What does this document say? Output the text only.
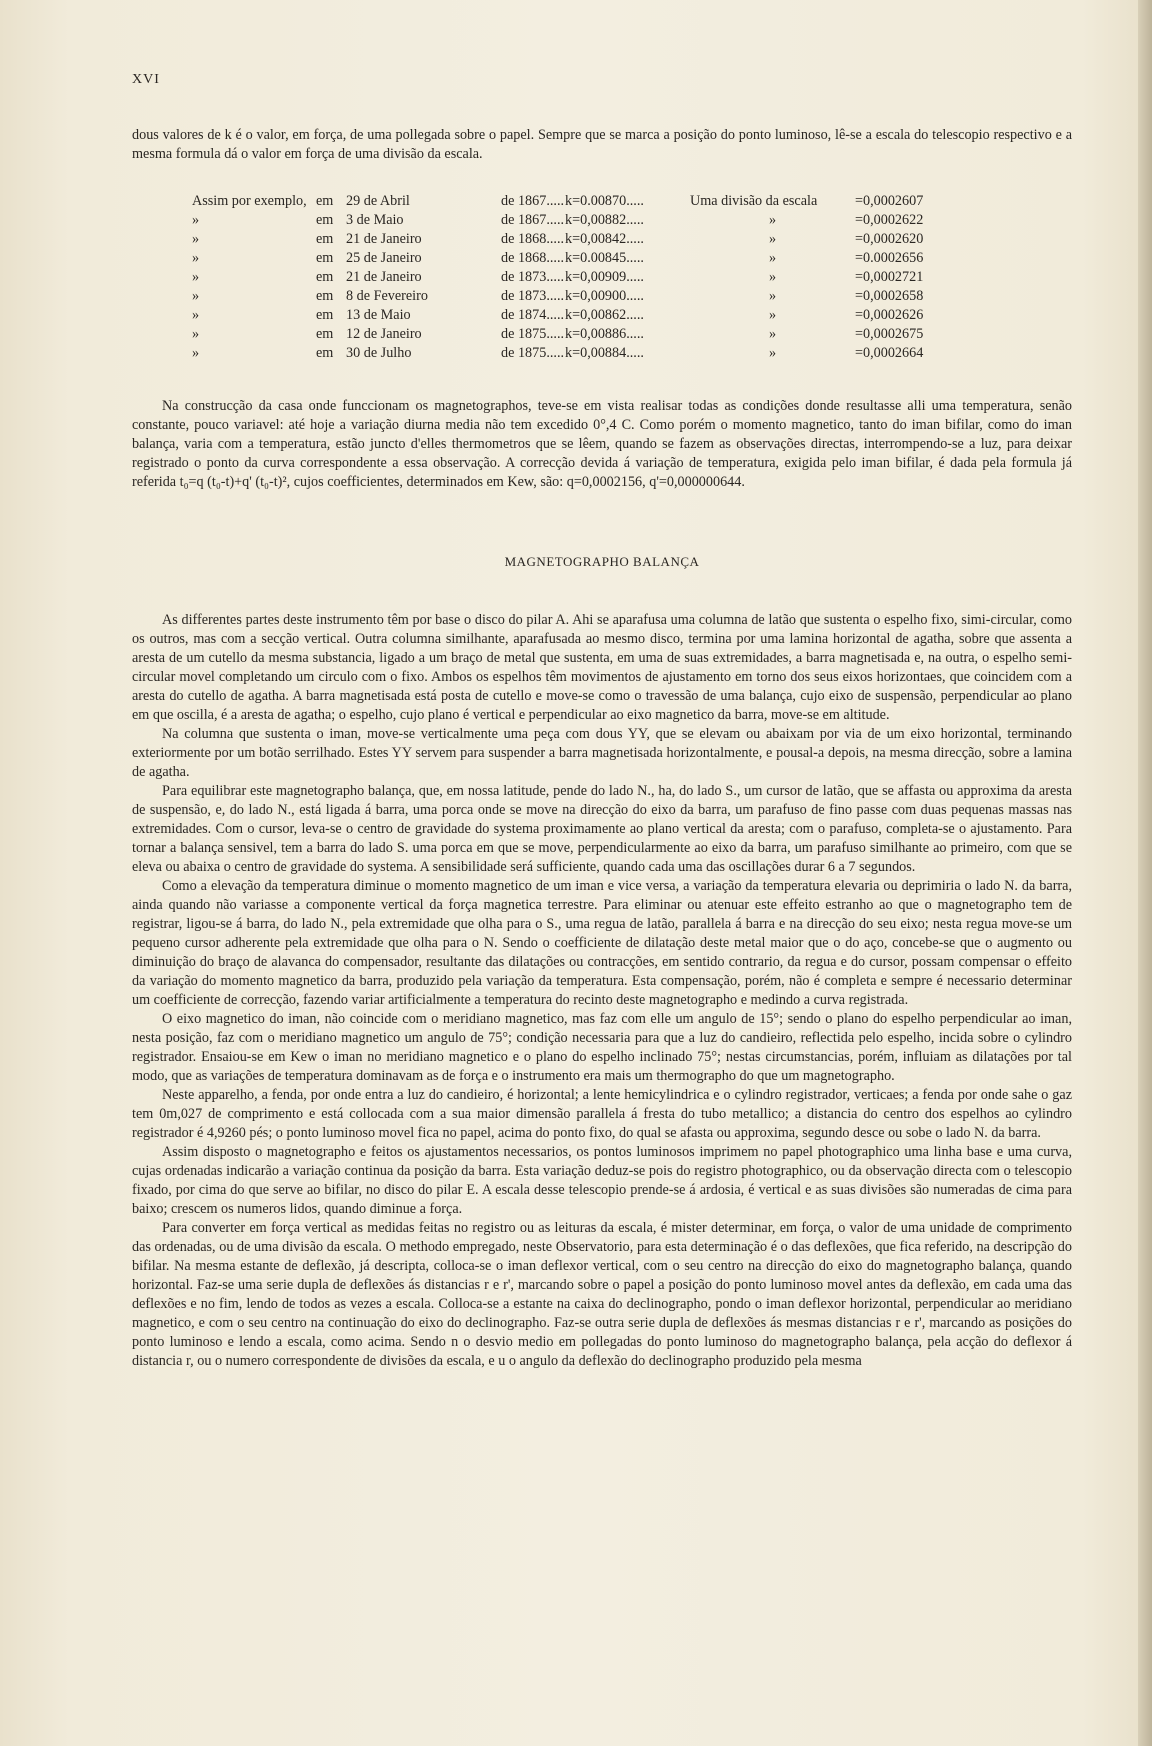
XVI

dous valores de k é o valor, em força, de uma pollegada sobre o papel. Sempre que se marca a posição do ponto luminoso, lê-se a escala do telescopio respectivo e a mesma formula dá o valor em força de uma divisão da escala.

Assim por exemplo, em 29 de Abril	de 1867..... k=0.00870.....	Uma divisão da escala	=0,0002607
»	em 3 de Maio	de 1867..... k=0,00882.....	»	=0,0002622
»	em 21 de Janeiro	de 1868..... k=0,00842.....	»	=0,0002620
»	em 25 de Janeiro	de 1868..... k=0.00845.....	»	=0.0002656
»	em 21 de Janeiro	de 1873..... k=0,00909.....	»	=0,0002721
»	em 8 de Fevereiro	de 1873..... k=0,00900.....	»	=0,0002658
»	em 13 de Maio	de 1874..... k=0,00862.....	»	=0,0002626
»	em 12 de Janeiro	de 1875..... k=0,00886.....	»	=0,0002675
»	em 30 de Julho	de 1875..... k=0,00884.....	»	=0,0002664

Na construcção da casa onde funccionam os magnetographos, teve-se em vista realisar todas as condições donde resultasse alli uma temperatura, senão constante, pouco variavel: até hoje a variação diurna media não tem excedido 0°,4 C. Como porém o momento magnetico, tanto do iman bifilar, como do iman balança, varia com a temperatura, estão juncto d'elles thermometros que se lêem, quando se fazem as observações directas, interrompendo-se a luz, para deixar registrado o ponto da curva correspondente a essa observação. A correcção devida á variação de temperatura, exigida pelo iman bifilar, é dada pela formula já referida t₀=q (t₀-t)+q' (t₀-t)², cujos coefficientes, determinados em Kew, são: q=0,0002156, q'=0,000000644.

MAGNETOGRAPHO BALANÇA

As differentes partes deste instrumento têm por base o disco do pilar A. Ahi se aparafusa uma columna de latão que sustenta o espelho fixo, simi-circular, como os outros, mas com a secção vertical. Outra columna similhante, aparafusada ao mesmo disco, termina por uma lamina horizontal de agatha, sobre que assenta a aresta de um cutello da mesma substancia, ligado a um braço de metal que sustenta, em uma de suas extremidades, a barra magnetisada e, na outra, o espelho semi-circular movel completando um circulo com o fixo. Ambos os espelhos têm movimentos de ajustamento em torno dos seus eixos horizontaes, que coincidem com a aresta do cutello de agatha. A barra magnetisada está posta de cutello e move-se como o travessão de uma balança, cujo eixo de suspensão, perpendicular ao plano em que oscilla, é a aresta de agatha; o espelho, cujo plano é vertical e perpendicular ao eixo magnetico da barra, move-se em altitude.

Na columna que sustenta o iman, move-se verticalmente uma peça com dous YY, que se elevam ou abaixam por via de um eixo horizontal, terminando exteriormente por um botão serrilhado. Estes YY servem para suspender a barra magnetisada horizontalmente, e pousal-a depois, na mesma direcção, sobre a lamina de agatha.

Para equilibrar este magnetographo balança, que, em nossa latitude, pende do lado N., ha, do lado S., um cursor de latão, que se affasta ou approxima da aresta de suspensão, e, do lado N., está ligada á barra, uma porca onde se move na direcção do eixo da barra, um parafuso de fino passe com duas pequenas massas nas extremidades. Com o cursor, leva-se o centro de gravidade do systema proximamente ao plano vertical da aresta; com o parafuso, completa-se o ajustamento. Para tornar a balança sensivel, tem a barra do lado S. uma porca em que se move, perpendicularmente ao eixo da barra, um parafuso similhante ao primeiro, com que se eleva ou abaixa o centro de gravidade do systema. A sensibilidade será sufficiente, quando cada uma das oscillações durar 6 a 7 segundos.

Como a elevação da temperatura diminue o momento magnetico de um iman e vice versa, a variação da temperatura elevaria ou deprimiria o lado N. da barra, ainda quando não variasse a componente vertical da força magnetica terrestre. Para eliminar ou atenuar este effeito estranho ao que o magnetographo tem de registrar, ligou-se á barra, do lado N., pela extremidade que olha para o S., uma regua de latão, parallela á barra e na direcção do seu eixo; nesta regua move-se um pequeno cursor adherente pela extremidade que olha para o N. Sendo o coefficiente de dilatação deste metal maior que o do aço, concebe-se que o augmento ou diminuição do braço de alavanca do compensador, resultante das dilatações ou contracções, em sentido contrario, da regua e do cursor, possam compensar o effeito da variação do momento magnetico da barra, produzido pela variação da temperatura. Esta compensação, porém, não é completa e sempre é necessario determinar um coefficiente de correcção, fazendo variar artificialmente a temperatura do recinto deste magnetographo e medindo a curva registrada.

O eixo magnetico do iman, não coincide com o meridiano magnetico, mas faz com elle um angulo de 15°; sendo o plano do espelho perpendicular ao iman, nesta posição, faz com o meridiano magnetico um angulo de 75°; condição necessaria para que a luz do candieiro, reflectida pelo espelho, incida sobre o cylindro registrador. Ensaiou-se em Kew o iman no meridiano magnetico e o plano do espelho inclinado 75°; nestas circumstancias, porém, influiam as dilatações por tal modo, que as variações de temperatura dominavam as de força e o instrumento era mais um thermographo do que um magnetographo.

Neste apparelho, a fenda, por onde entra a luz do candieiro, é horizontal; a lente hemicylindrica e o cylindro registrador, verticaes; a fenda por onde sahe o gaz tem 0m,027 de comprimento e está collocada com a sua maior dimensão parallela á fresta do tubo metallico; a distancia do centro dos espelhos ao cylindro registrador é 4,9260 pés; o ponto luminoso movel fica no papel, acima do ponto fixo, do qual se afasta ou approxima, segundo desce ou sobe o lado N. da barra.

Assim disposto o magnetographo e feitos os ajustamentos necessarios, os pontos luminosos imprimem no papel photographico uma linha base e uma curva, cujas ordenadas indicarão a variação continua da posição da barra. Esta variação deduz-se pois do registro photographico, ou da observação directa com o telescopio fixado, por cima do que serve ao bifilar, no disco do pilar E. A escala desse telescopio prende-se á ardosia, é vertical e as suas divisões são numeradas de cima para baixo; crescem os numeros lidos, quando diminue a força.

Para converter em força vertical as medidas feitas no registro ou as leituras da escala, é mister determinar, em força, o valor de uma unidade de comprimento das ordenadas, ou de uma divisão da escala. O methodo empregado, neste Observatorio, para esta determinação é o das deflexões, que fica referido, na descripção do bifilar. Na mesma estante de deflexão, já descripta, colloca-se o iman deflexor vertical, com o seu centro na direcção do eixo do magnetographo balança, quando horizontal. Faz-se uma serie dupla de deflexões ás distancias r e r', marcando sobre o papel a posição do ponto luminoso movel antes da deflexão, em cada uma das deflexões e no fim, lendo de todos as vezes a escala. Colloca-se a estante na caixa do declinographo, pondo o iman deflexor horizontal, perpendicular ao meridiano magnetico, e com o seu centro na continuação do eixo do declinographo. Faz-se outra serie dupla de deflexões ás mesmas distancias r e r', marcando as posições do ponto luminoso e lendo a escala, como acima. Sendo n o desvio medio em pollegadas do ponto luminoso do magnetographo balança, pela acção do deflexor á distancia r, ou o numero correspondente de divisões da escala, e u o angulo da deflexão do declinographo produzido pela mesma
